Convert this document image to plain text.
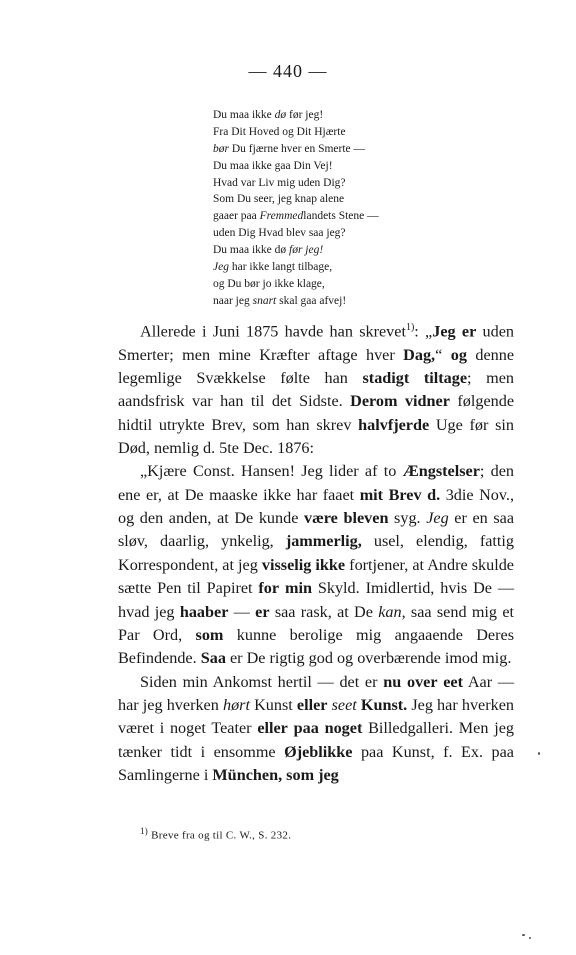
— 440 —
Du maa ikke dø før jeg!
Fra Dit Hoved og Dit Hjærte
bør Du fjærne hver en Smerte —
Du maa ikke gaa Din Vej!
Hvad var Liv mig uden Dig?
Som Du seer, jeg knap alene
gaaer paa Fremmedlandets Stene —
uden Dig Hvad blev saa jeg?
Du maa ikke dø før jeg!
Jeg har ikke langt tilbage,
og Du bør jo ikke klage,
naar jeg snart skal gaa afvej!

Allerede i Juni 1875 havde han skrevet$^{1)}$: „Jeg er uden Smerter; men mine Kræfter aftage hver Dag,“ og denne legemlige Svækkelse følte han stadigt tiltage; men aandsfrisk var han til det Sidste. Derom vidner følgende hidtil utrykte Brev, som han skrev halvfjerde Uge før sin Død, nemlig d. 5te Dec. 1876:

„Kjære Const. Hansen! Jeg lider af to Ængstelser; den ene er, at De maaske ikke har faaet mit Brev d. 3die Nov., og den anden, at De kunde være bleven syg. Jeg er en saa sløv, daarlig, ynkelig, jammerlig, usel, elendig, fattig Korrespondent, at jeg visselig ikke fortjener, at Andre skulde sætte Pen til Papiret for min Skyld. Imidlertid, hvis De — hvad jeg haaber — er saa rask, at De kan, saa send mig et Par Ord, som kunne berolige mig angaaende Deres Befindende. Saa er De rigtig god og overbærende imod mig.

Siden min Ankomst hertil — det er nu over eet Aar — har jeg hverken hørt Kunst eller seet Kunst. Jeg har hverken været i noget Teater eller paa noget Billedgalleri. Men jeg tænker tidt i ensomme Øjeblikke paa Kunst, f. Ex. paa Samlingerne i München, som jeg

$^{1)}$ Breve fra og til C. W., S. 232.
